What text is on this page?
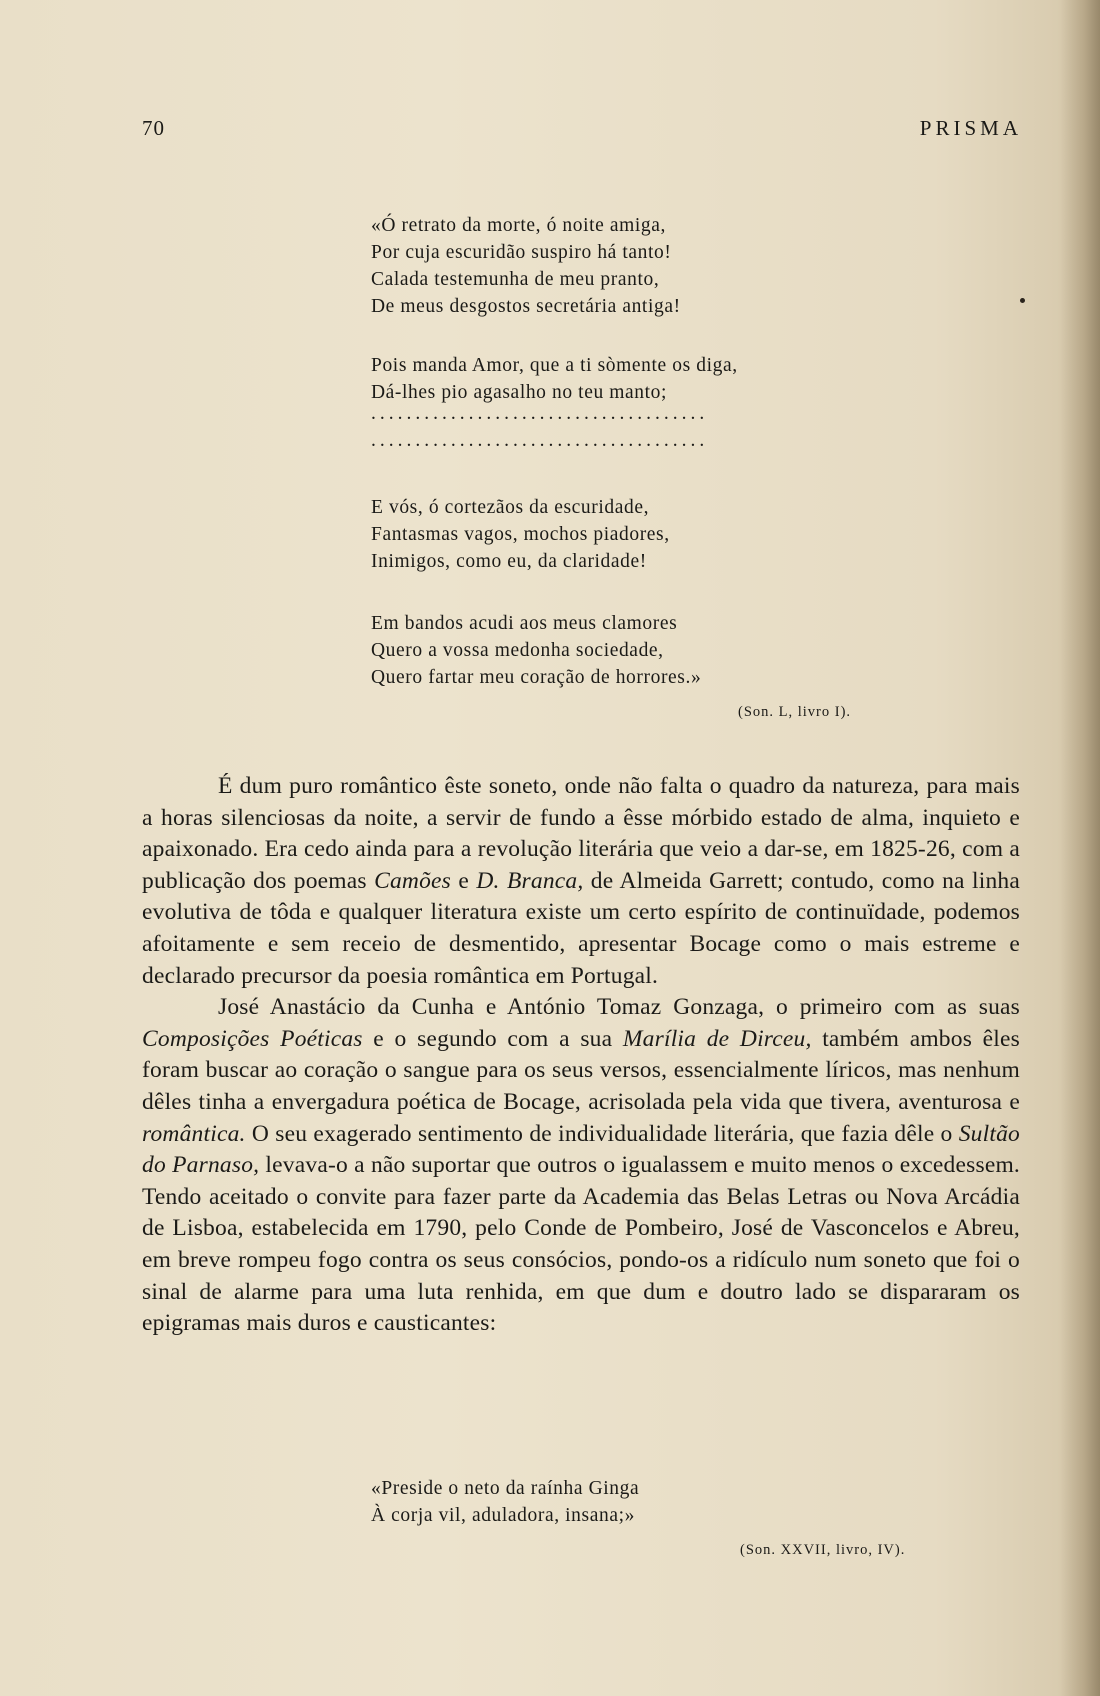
70	PRISMA
«Ó retrato da morte, ó noite amiga,
Por cuja escuridão suspiro há tanto!
Calada testemunha de meu pranto,
De meus desgostos secretária antiga!
Pois manda Amor, que a ti sòmente os diga,
Dá-lhes pio agasalho no teu manto;
......................................
......................................
E vós, ó cortezãos da escuridade,
Fantasmas vagos, mochos piadores,
Inimigos, como eu, da claridade!
Em bandos acudi aos meus clamores
Quero a vossa medonha sociedade,
Quero fartar meu coração de horrores.»
(Son. L, livro I).

É dum puro romântico êste soneto, onde não falta o quadro da natureza, para mais a horas silenciosas da noite, a servir de fundo a êsse mórbido estado de alma, inquieto e apaixonado. Era cedo ainda para a revolução literária que veio a dar-se, em 1825-26, com a publicação dos poemas Camões e D. Branca, de Almeida Garrett; contudo, como na linha evolutiva de tôda e qualquer literatura existe um certo espírito de continuïdade, podemos afoitamente e sem receio de desmentido, apresentar Bocage como o mais estreme e declarado precursor da poesia romântica em Portugal.

José Anastácio da Cunha e António Tomaz Gonzaga, o primeiro com as suas Composições Poéticas e o segundo com a sua Marília de Dirceu, também ambos êles foram buscar ao coração o sangue para os seus versos, essencialmente líricos, mas nenhum dêles tinha a envergadura poética de Bocage, acrisolada pela vida que tivera, aventurosa e romântica. O seu exagerado sentimento de individualidade literária, que fazia dêle o Sultão do Parnaso, levava-o a não suportar que outros o igualassem e muito menos o excedessem. Tendo aceitado o convite para fazer parte da Academia das Belas Letras ou Nova Arcádia de Lisboa, estabelecida em 1790, pelo Conde de Pombeiro, José de Vasconcelos e Abreu, em breve rompeu fogo contra os seus consócios, pondo-os a ridículo num soneto que foi o sinal de alarme para uma luta renhida, em que dum e doutro lado se dispararam os epigramas mais duros e causticantes:

«Preside o neto da raínha Ginga
À corja vil, aduladora, insana;»
(Son. XXVII, livro, IV).
